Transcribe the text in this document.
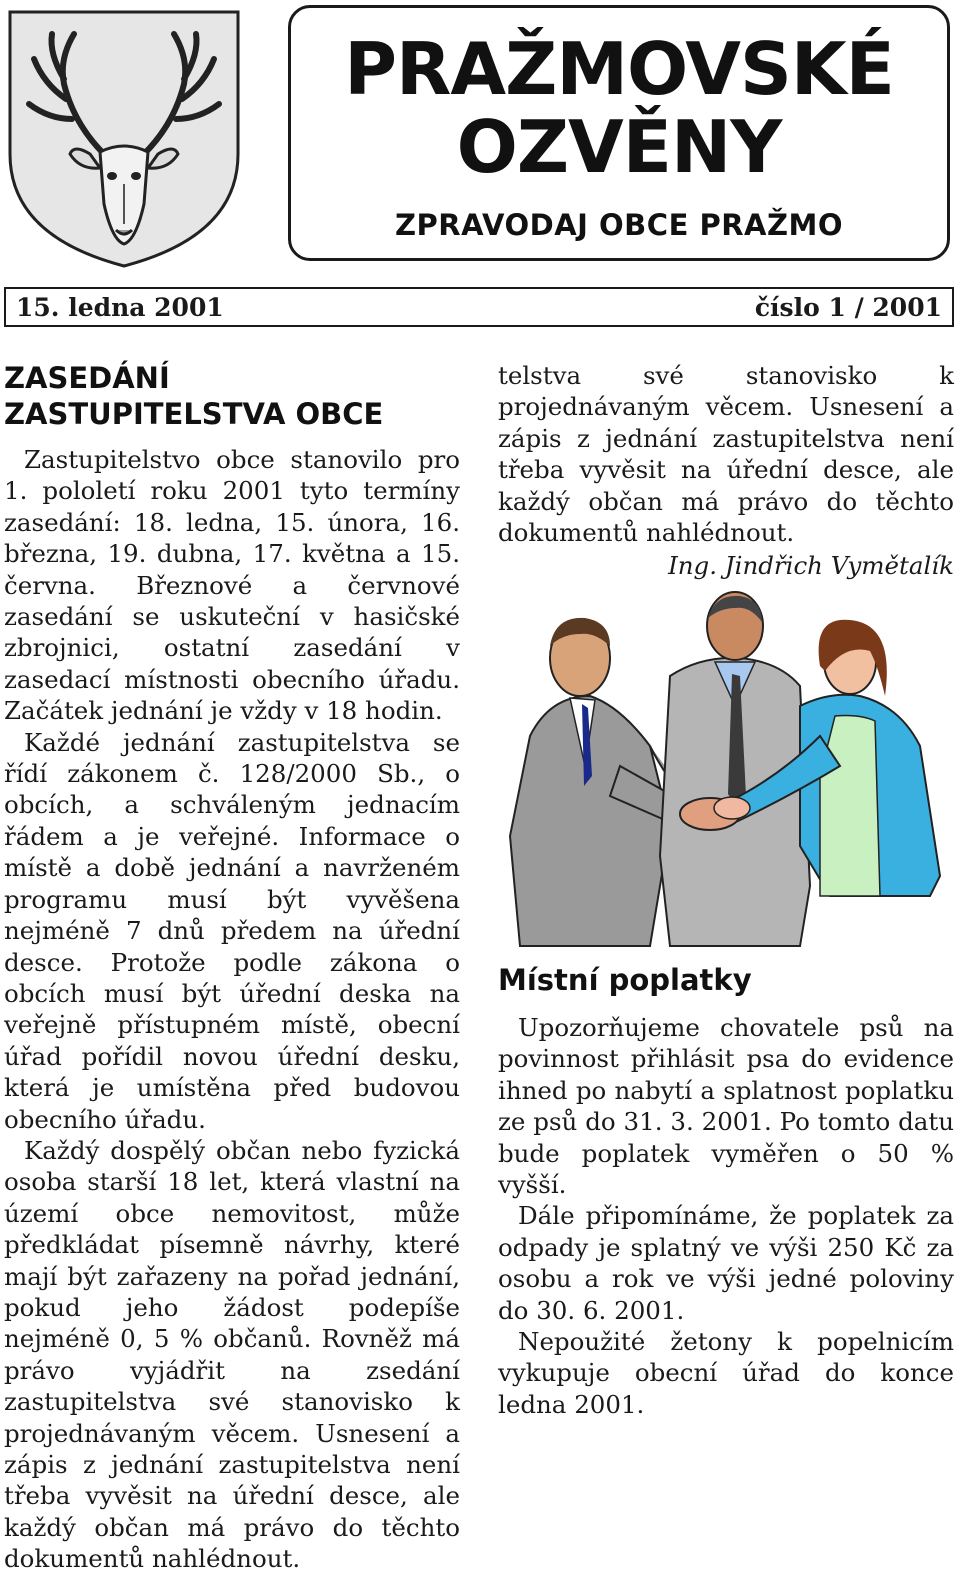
PRAŽMOVSKÉ
OZVĚNY
ZPRAVODAJ OBCE PRAŽMO
15. ledna 2001	číslo 1 / 2001
ZASEDÁNÍ
ZASTUPITELSTVA OBCE

Zastupitelstvo obce stanovilo pro 1. pololetí roku 2001 tyto termíny zasedání: 18. ledna, 15. února, 16. března, 19. dubna, 17. května a 15. června. Březnové a červnové zasedání se uskuteční v hasičské zbrojnici, ostatní zasedání v zasedací místnosti obecního úřadu. Začátek jednání je vždy v 18 hodin.

Každé jednání zastupitelstva se řídí zákonem č. 128/2000 Sb., o obcích, a schváleným jednacím řádem a je veřejné. Informace o místě a době jednání a navrženém programu musí být vyvěšena nejméně 7 dnů předem na úřední desce. Protože podle zákona o obcích musí být úřední deska na veřejně přístupném místě, obecní úřad pořídil novou úřední desku, která je umístěna před budovou obecního úřadu.

Každý dospělý občan nebo fyzická osoba starší 18 let, která vlastní na území obce nemovitost, může předkládat písemně návrhy, které mají být zařazeny na pořad jednání, pokud jeho žádost podepíše nejméně 0, 5 % občanů. Rovněž má právo vyjádřit na zsedání zastupitelstva své stanovisko k projednávaným věcem. Usnesení a zápis z jednání zastupitelstva není třeba vyvěsit na úřední desce, ale každý občan má právo do těchto dokumentů nahlédnout.

telstva své stanovisko k projednávaným věcem. Usnesení a zápis z jednání zastupitelstva není třeba vyvěsit na úřední desce, ale každý občan má právo do těchto dokumentů nahlédnout.

Ing. Jindřich Vymětalík
Místní poplatky

Upozorňujeme chovatele psů na povinnost přihlásit psa do evidence ihned po nabytí a splatnost poplatku ze psů do 31. 3. 2001. Po tomto datu bude poplatek vyměřen o 50 % vyšší.

Dále připomínáme, že poplatek za odpady je splatný ve výši 250 Kč za osobu a rok ve výši jedné poloviny do 30. 6. 2001.

Nepoužité žetony k popelnicím vykupuje obecní úřad do konce ledna 2001.
